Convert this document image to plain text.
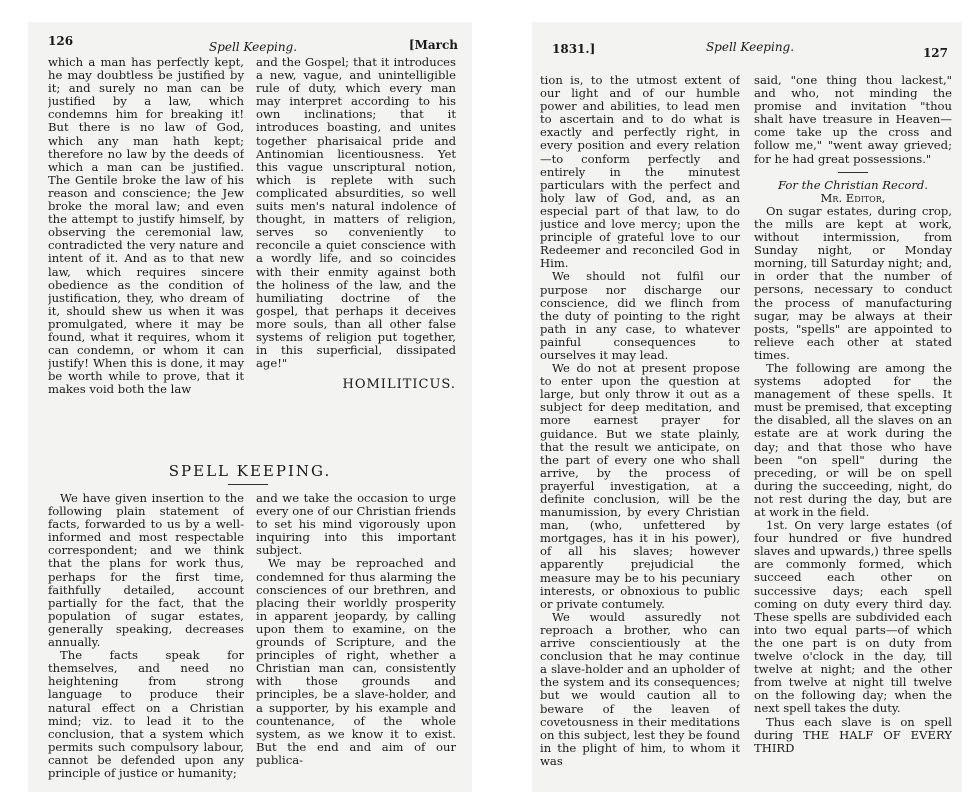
126	Spell Keeping.	[March

which a man has perfectly kept, he may doubtless be justified by it; and surely no man can be justified by a law, which condemns him for breaking it! But there is no law of God, which any man hath kept; therefore no law by the deeds of which a man can be justified. The Gentile broke the law of his reason and conscience; the Jew broke the moral law; and even the attempt to justify himself, by observing the ceremonial law, contradicted the very nature and intent of it. And as to that new law, which requires sincere obedience as the condition of justification, they, who dream of it, should shew us when it was promulgated, where it may be found, what it requires, whom it can condemn, or whom it can justify! When this is done, it may be worth while to prove, that it makes void both the law

and the Gospel; that it introduces a new, vague, and unintelligible rule of duty, which every man may interpret according to his own inclinations; that it introduces boasting, and unites together pharisaical pride and Antinomian licentiousness. Yet this vague unscriptural notion, which is replete with such complicated absurdities, so well suits men's natural indolence of thought, in matters of religion, serves so conveniently to reconcile a quiet conscience with a wordly life, and so coincides with their enmity against both the holiness of the law, and the humiliating doctrine of the gospel, that perhaps it deceives more souls, than all other false systems of religion put together, in this superficial, dissipated age!"

HOMILITICUS.

SPELL KEEPING.

We have given insertion to the following plain statement of facts, forwarded to us by a well-informed and most respectable correspondent; and we think that the plans for work thus, perhaps for the first time, faithfully detailed, account partially for the fact, that the population of sugar estates, generally speaking, decreases annually.

The facts speak for themselves, and need no heightening from strong language to produce their natural effect on a Christian mind; viz. to lead it to the conclusion, that a system which permits such compulsory labour, cannot be defended upon any principle of justice or humanity;

and we take the occasion to urge every one of our Christian friends to set his mind vigorously upon inquiring into this important subject.

We may be reproached and condemned for thus alarming the consciences of our brethren, and placing their worldly prosperity in apparent jeopardy, by calling upon them to examine, on the grounds of Scripture, and the principles of right, whether a Christian man can, consistently with those grounds and principles, be a slave-holder, and a supporter, by his example and countenance, of the whole system, as we know it to exist. But the end and aim of our publica-

1831.]	Spell Keeping.	127

tion is, to the utmost extent of our light and of our humble power and abilities, to lead men to ascertain and to do what is exactly and perfectly right, in every position and every relation—to conform perfectly and entirely in the minutest particulars with the perfect and holy law of God, and, as an especial part of that law, to do justice and love mercy; upon the principle of grateful love to our Redeemer and reconciled God in Him.

We should not fulfil our purpose nor discharge our conscience, did we flinch from the duty of pointing to the right path in any case, to whatever painful consequences to ourselves it may lead.

We do not at present propose to enter upon the question at large, but only throw it out as a subject for deep meditation, and more earnest prayer for guidance. But we state plainly, that the result we anticipate, on the part of every one who shall arrive, by the process of prayerful investigation, at a definite conclusion, will be the manumission, by every Christian man, (who, unfettered by mortgages, has it in his power), of all his slaves; however apparently prejudicial the measure may be to his pecuniary interests, or obnoxious to public or private contumely.

We would assuredly not reproach a brother, who can arrive conscientiously at the conclusion that he may continue a slave-holder and an upholder of the system and its consequences; but we would caution all to beware of the leaven of covetousness in their meditations on this subject, lest they be found in the plight of him, to whom it was

said, "one thing thou lackest," and who, not minding the promise and invitation "thou shalt have treasure in Heaven—come take up the cross and follow me," "went away grieved; for he had great possessions."

For the Christian Record.

Mr. Editor,

On sugar estates, during crop, the mills are kept at work, without intermission, from Sunday night, or Monday morning, till Saturday night; and, in order that the number of persons, necessary to conduct the process of manufacturing sugar, may be always at their posts, "spells" are appointed to relieve each other at stated times.

The following are among the systems adopted for the management of these spells. It must be premised, that excepting the disabled, all the slaves on an estate are at work during the day; and that those who have been "on spell" during the preceding, or will be on spell during the succeeding, night, do not rest during the day, but are at work in the field.

1st. On very large estates (of four hundred or five hundred slaves and upwards,) three spells are commonly formed, which succeed each other on successive days; each spell coming on duty every third day. These spells are subdivided each into two equal parts—of which the one part is on duty from twelve o'clock in the day, till twelve at night; and the other from twelve at night till twelve on the following day; when the next spell takes the duty.

Thus each slave is on spell during THE HALF OF EVERY THIRD
